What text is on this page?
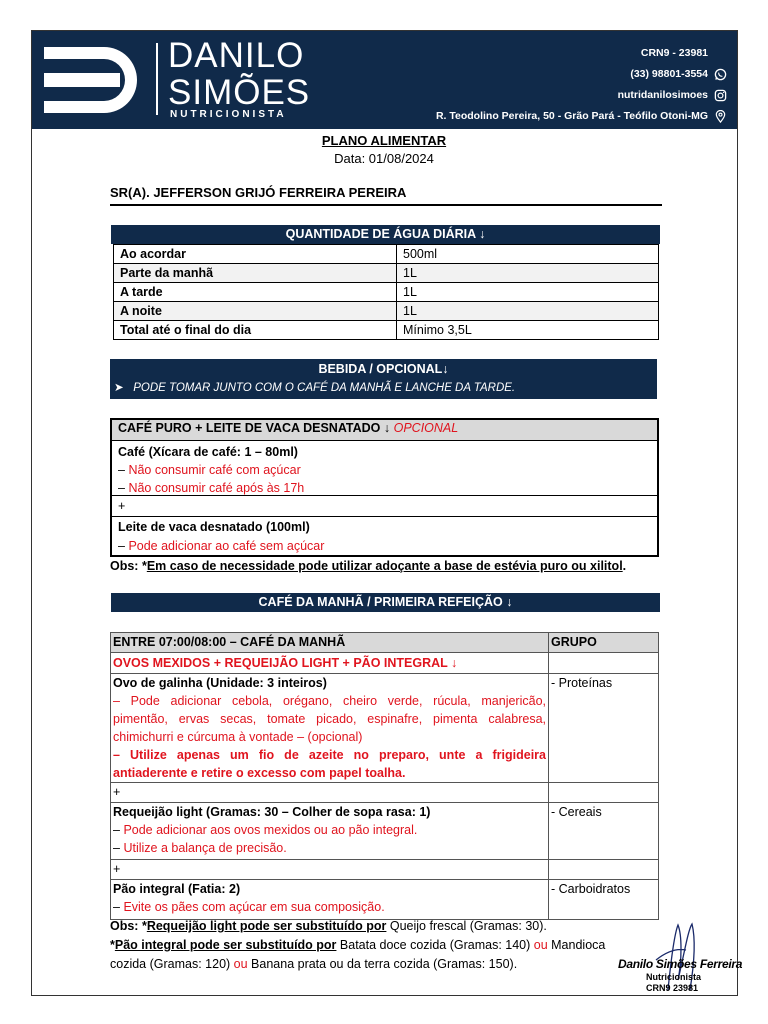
DANILO
SIMÕES
NUTRICIONISTA
CRN9 - 23981
(33) 98801-3554
nutridanilosimoes
R. Teodolino Pereira, 50 - Grão Pará - Teófilo Otoni-MG
PLANO ALIMENTAR
Data: 01/08/2024
SR(A). JEFFERSON GRIJÓ FERREIRA PEREIRA
QUANTIDADE DE ÁGUA DIÁRIA ↓
Ao acordar	500ml
Parte da manhã	1L
A tarde	1L
A noite	1L
Total até o final do dia	Mínimo 3,5L
BEBIDA / OPCIONAL↓
➤ PODE TOMAR JUNTO COM O CAFÉ DA MANHÃ E LANCHE DA TARDE.
CAFÉ PURO + LEITE DE VACA DESNATADO ↓ OPCIONAL
Café (Xícara de café: 1 – 80ml)
– Não consumir café com açúcar
– Não consumir café após às 17h
+
Leite de vaca desnatado (100ml)
– Pode adicionar ao café sem açúcar
Obs: *Em caso de necessidade pode utilizar adoçante a base de estévia puro ou xilitol.
CAFÉ DA MANHÃ / PRIMEIRA REFEIÇÃO ↓
ENTRE 07:00/08:00 – CAFÉ DA MANHÃ	GRUPO
OVOS MEXIDOS + REQUEIJÃO LIGHT + PÃO INTEGRAL ↓	

Ovo de galinha (Unidade: 3 inteiros)
– Pode adicionar cebola, orégano, cheiro verde, rúcula, manjericão, pimentão, ervas secas, tomate picado, espinafre, pimenta calabresa, chimichurri e cúrcuma à vontade – (opcional)
– Utilize apenas um fio de azeite no preparo, unte a frigideira antiaderente e retire o excesso com papel toalha.	- Proteínas
+	

Requeijão light (Gramas: 30 – Colher de sopa rasa: 1)
– Pode adicionar aos ovos mexidos ou ao pão integral.
– Utilize a balança de precisão.	- Cereais
+	

Pão integral (Fatia: 2)
– Evite os pães com açúcar em sua composição.	- Carboidratos
Obs: *Requeijão light pode ser substituído por Queijo frescal (Gramas: 30).
*Pão integral pode ser substituído por Batata doce cozida (Gramas: 140) ou Mandioca
cozida (Gramas: 120) ou Banana prata ou da terra cozida (Gramas: 150).	Danilo Simões Ferreira
Nutricionista
CRN9 23981
